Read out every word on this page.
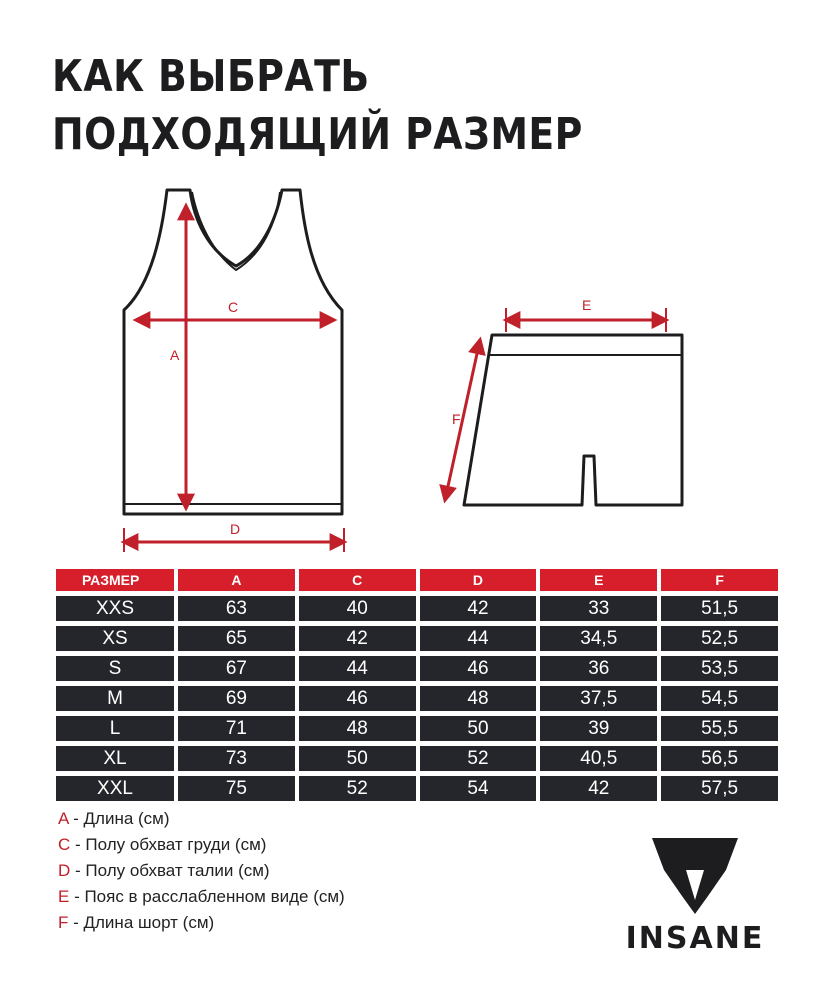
КАК ВЫБРАТЬ
ПОДХОДЯЩИЙ РАЗМЕР
A
C
D
E
F
РАЗМЕР	A	C	D	E	F
XXS	63	40	42	33	51,5
XS	65	42	44	34,5	52,5
S	67	44	46	36	53,5
M	69	46	48	37,5	54,5
L	71	48	50	39	55,5
XL	73	50	52	40,5	56,5
XXL	75	52	54	42	57,5
A - Длина (см)
C - Полу обхват груди (см)
D - Полу обхват талии (см)
E - Пояс в расслабленном виде (см)
F - Длина шорт (см)	INSANE
